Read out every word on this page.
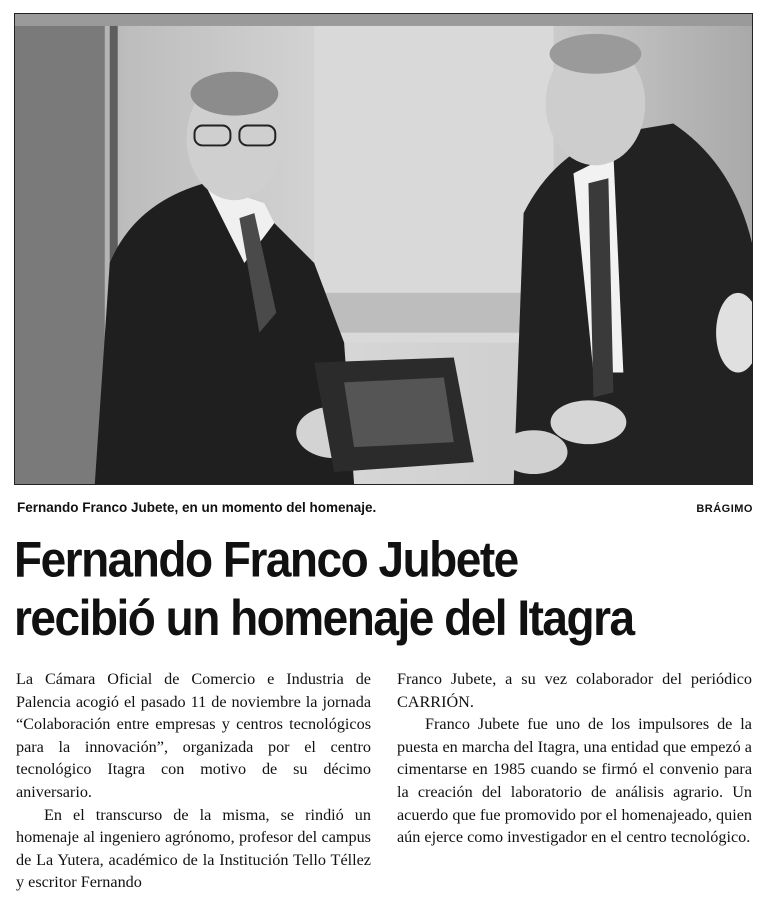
Fernando Franco Jubete, en un momento del homenaje.	BRÁGIMO
Fernando Franco Jubete
recibió un homenaje del Itagra

La Cámara Oficial de Comercio e Industria de Palencia acogió el pasado 11 de noviembre la jornada “Colaboración entre empresas y centros tecnológicos para la innovación”, organizada por el centro tecnológico Itagra con motivo de su décimo aniversario.

En el transcurso de la misma, se rindió un homenaje al ingeniero agrónomo, profesor del campus de La Yutera, académico de la Institución Tello Téllez y escritor Fernando

Franco Jubete, a su vez colaborador del periódico CARRIÓN.

Franco Jubete fue uno de los impulsores de la puesta en marcha del Itagra, una entidad que empezó a cimentarse en 1985 cuando se firmó el convenio para la creación del laboratorio de análisis agrario. Un acuerdo que fue promovido por el homenajeado, quien aún ejerce como investigador en el centro tecnológico.
